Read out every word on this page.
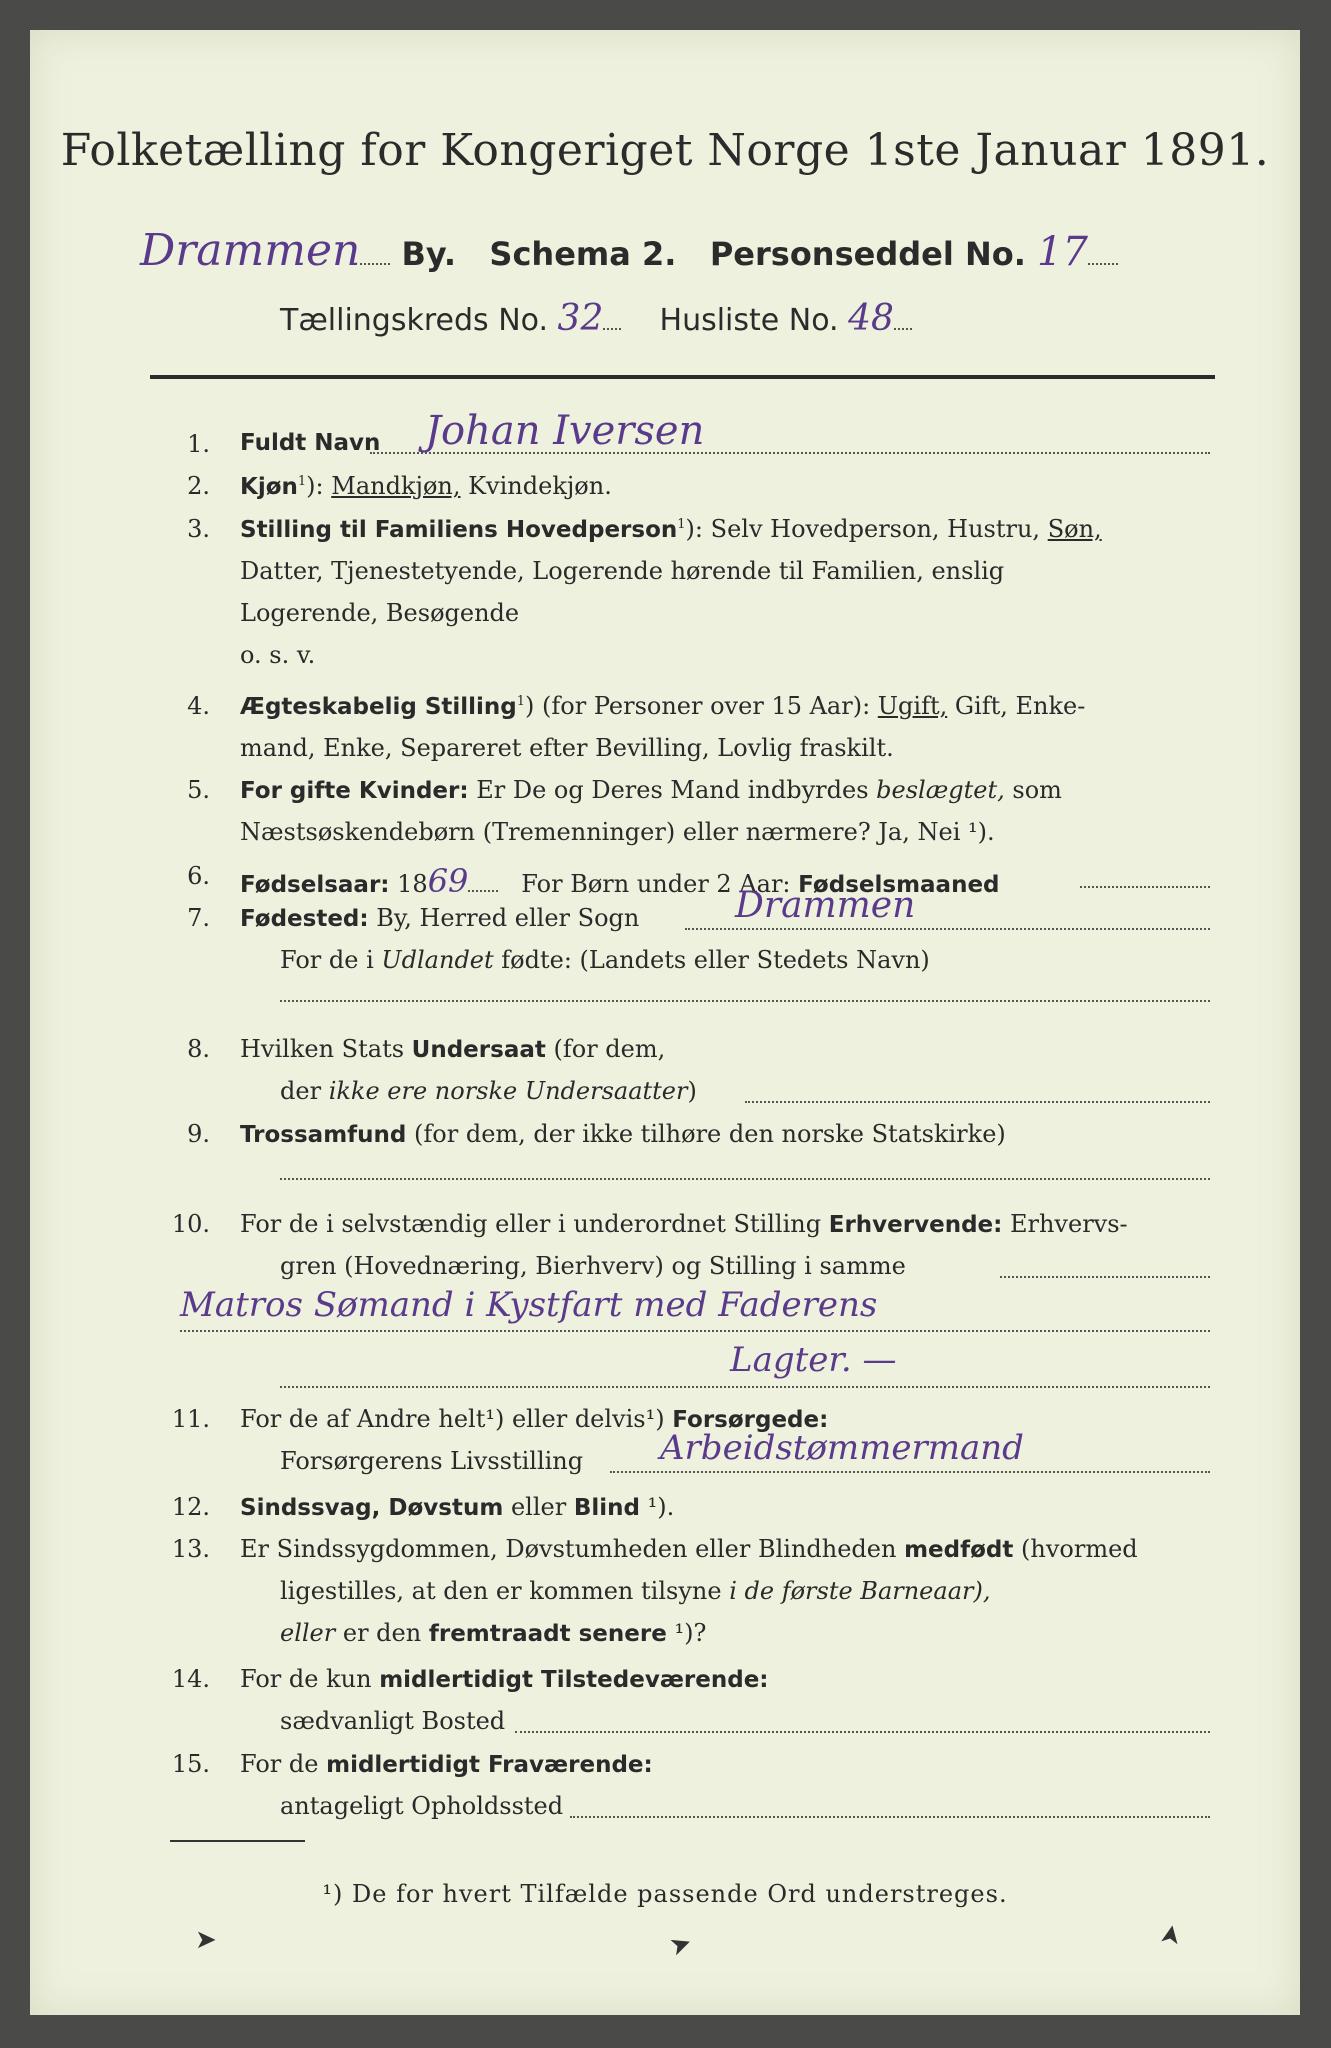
Folketælling for Kongeriget Norge 1ste Januar 1891.
Drammen By. Schema 2. Personseddel No. 17
Tællingskreds No. 32 Husliste No. 48
1. Fuldt Navn Johan Iversen
2. Kjøn$^1$): Mandkjøn, Kvindekjøn.
3. Stilling til Familiens Hovedperson$^1$): Selv Hovedperson, Hustru, Søn,
Datter, Tjenestetyende, Logerende hørende til Familien, enslig
Logerende, Besøgende
o. s. v.
4. Ægteskabelig Stilling$^1$) (for Personer over 15 Aar): Ugift, Gift, Enke-
mand, Enke, Separeret efter Bevilling, Lovlig fraskilt.
5. For gifte Kvinder: Er De og Deres Mand indbyrdes beslægtet, som
Næstsøskendebørn (Tremenninger) eller nærmere? Ja, Nei ¹).
6. Fødselsaar: 1869 For Børn under 2 Aar: Fødselsmaaned
7. Fødested: By, Herred eller Sogn	Drammen
For de i Udlandet fødte: (Landets eller Stedets Navn)
8. Hvilken Stats Undersaat (for dem,
der ikke ere norske Undersaatter)
9. Trossamfund (for dem, der ikke tilhøre den norske Statskirke)
10. For de i selvstændig eller i underordnet Stilling Erhvervende: Erhvervs-
gren (Hovednæring, Bierhverv) og Stilling i samme
Matros Sømand i Kystfart med Faderens
Lagter. —
11. For de af Andre helt¹) eller delvis¹) Forsørgede:
Forsørgerens Livsstilling Arbeidstømmermand
12. Sindssvag, Døvstum eller Blind ¹).
13. Er Sindssygdommen, Døvstumheden eller Blindheden medfødt (hvormed
ligestilles, at den er kommen tilsyne i de første Barneaar),
eller er den fremtraadt senere ¹)?
14. For de kun midlertidigt Tilstedeværende:
sædvanligt Bosted
15. For de midlertidigt Fraværende:
antageligt Opholdssted
¹) De for hvert Tilfælde passende Ord understreges.
➤	➤	➤
